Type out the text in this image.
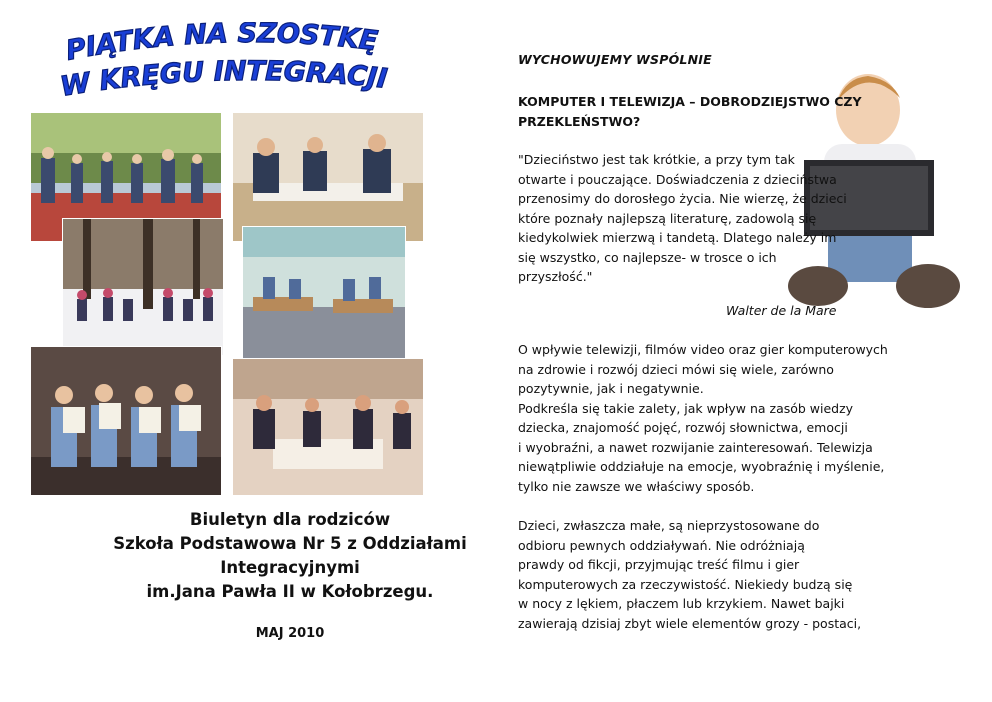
PIĄTKA NA SZÓSTKĘ
W KRĘGU INTEGRACJI
Biuletyn dla rodziców
Szkoła Podstawowa Nr 5 z Oddziałami
Integracyjnymi
im.Jana Pawła II w Kołobrzegu.
MAJ 2010
WYCHOWUJEMY WSPÓLNIE
KOMPUTER I TELEWIZJA – DOBRODZIEJSTWO CZY
PRZEKLEŃSTWO?
"Dzieciństwo jest tak krótkie, a przy tym tak
otwarte i pouczające. Doświadczenia z dzieciństwa
przenosimy do dorosłego życia. Nie wierzę, że dzieci
które poznały najlepszą literaturę, zadowolą się
kiedykolwiek mierzwą i tandetą. Dlatego należy im
się wszystko, co najlepsze- w trosce o ich
przyszłość."
Walter de la Mare
O wpływie telewizji, filmów video oraz gier komputerowych
na zdrowie i rozwój dzieci mówi się wiele, zarówno
pozytywnie, jak i negatywnie.
Podkreśla się takie zalety, jak wpływ na zasób wiedzy
dziecka, znajomość pojęć, rozwój słownictwa, emocji
i wyobraźni, a nawet rozwijanie zainteresowań. Telewizja
niewątpliwie oddziałuje na emocje, wyobraźnię i myślenie,
tylko nie zawsze we właściwy sposób.
Dzieci, zwłaszcza małe, są nieprzystosowane do
odbioru pewnych oddziaływań. Nie odróżniają
prawdy od fikcji, przyjmując treść filmu i gier
komputerowych za rzeczywistość. Niekiedy budzą się
w nocy z lękiem, płaczem lub krzykiem. Nawet bajki
zawierają dzisiaj zbyt wiele elementów grozy - postaci,
